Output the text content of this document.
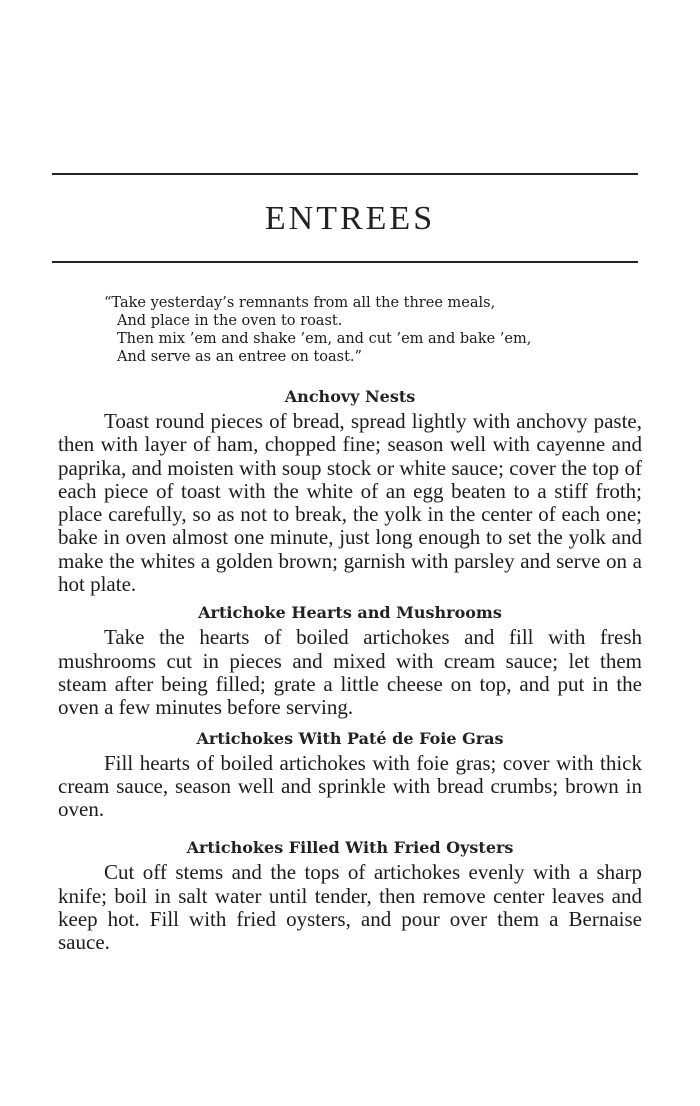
ENTREES
“Take yesterday’s remnants from all the three meals,
And place in the oven to roast.
Then mix ’em and shake ’em, and cut ’em and bake ’em,
And serve as an entree on toast.”
Anchovy Nests

Toast round pieces of bread, spread lightly with anchovy paste, then with layer of ham, chopped fine; season well with cayenne and paprika, and moisten with soup stock or white sauce; cover the top of each piece of toast with the white of an egg beaten to a stiff froth; place carefully, so as not to break, the yolk in the center of each one; bake in oven almost one minute, just long enough to set the yolk and make the whites a golden brown; garnish with parsley and serve on a hot plate.

Artichoke Hearts and Mushrooms

Take the hearts of boiled artichokes and fill with fresh mushrooms cut in pieces and mixed with cream sauce; let them steam after being filled; grate a little cheese on top, and put in the oven a few minutes before serving.

Artichokes With Paté de Foie Gras

Fill hearts of boiled artichokes with foie gras; cover with thick cream sauce, season well and sprinkle with bread crumbs; brown in oven.

Artichokes Filled With Fried Oysters

Cut off stems and the tops of artichokes evenly with a sharp knife; boil in salt water until tender, then remove center leaves and keep hot. Fill with fried oysters, and pour over them a Bernaise sauce.
